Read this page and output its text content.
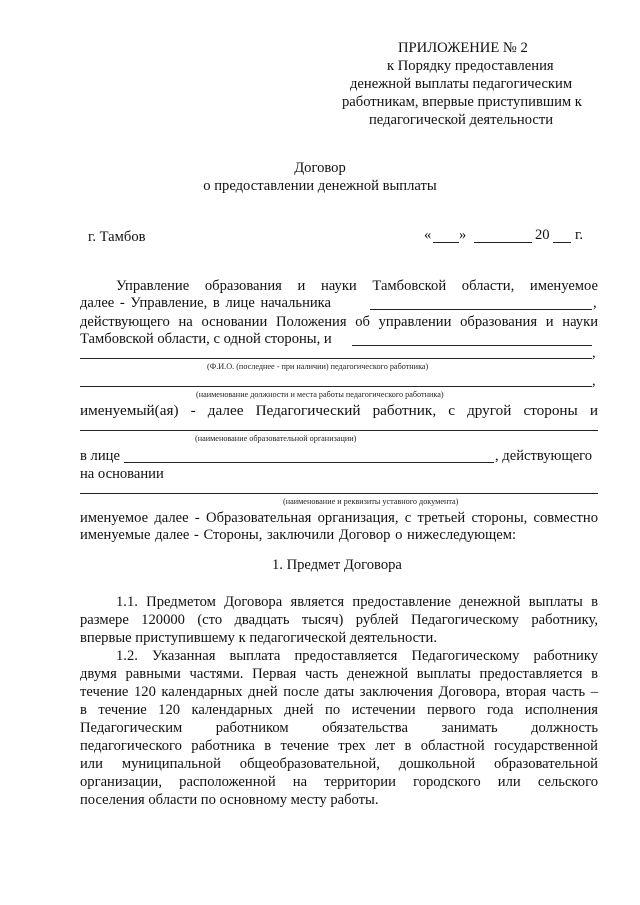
ПРИЛОЖЕНИЕ № 2
к Порядку предоставления
денежной выплаты педагогическим
работникам, впервые приступившим к
педагогической деятельности
Договор
о предоставлении денежной выплаты
г. Тамбов	« »	20 г.
Управление образования и науки Тамбовской области, именуемое
далее - Управление, в лице начальника	,
действующего на основании Положения об управлении образования и науки
Тамбовской области, с одной стороны, и
,
(Ф.И.О. (последнее - при наличии) педагогического работника)
,
(наименование должности и места работы педагогического работника)
именуемый(ая) - далее Педагогический работник, с другой стороны и
(наименование образовательной организации)
в лице	, действующего
на основании
(наименование и реквизиты уставного документа)
именуемое далее - Образовательная организация, с третьей стороны, совместно
именуемые далее - Стороны, заключили Договор о нижеследующем:
1. Предмет Договора
1.1. Предметом Договора является предоставление денежной выплаты в
размере 120000 (сто двадцать тысяч) рублей Педагогическому работнику,
впервые приступившему к педагогической деятельности.
1.2. Указанная выплата предоставляется Педагогическому работнику
двумя равными частями. Первая часть денежной выплаты предоставляется в
течение 120 календарных дней после даты заключения Договора, вторая часть –
в течение 120 календарных дней по истечении первого года исполнения
Педагогическим работником обязательства занимать должность
педагогического работника в течение трех лет в областной государственной
или муниципальной общеобразовательной, дошкольной образовательной
организации, расположенной на территории городского или сельского
поселения области по основному месту работы.
